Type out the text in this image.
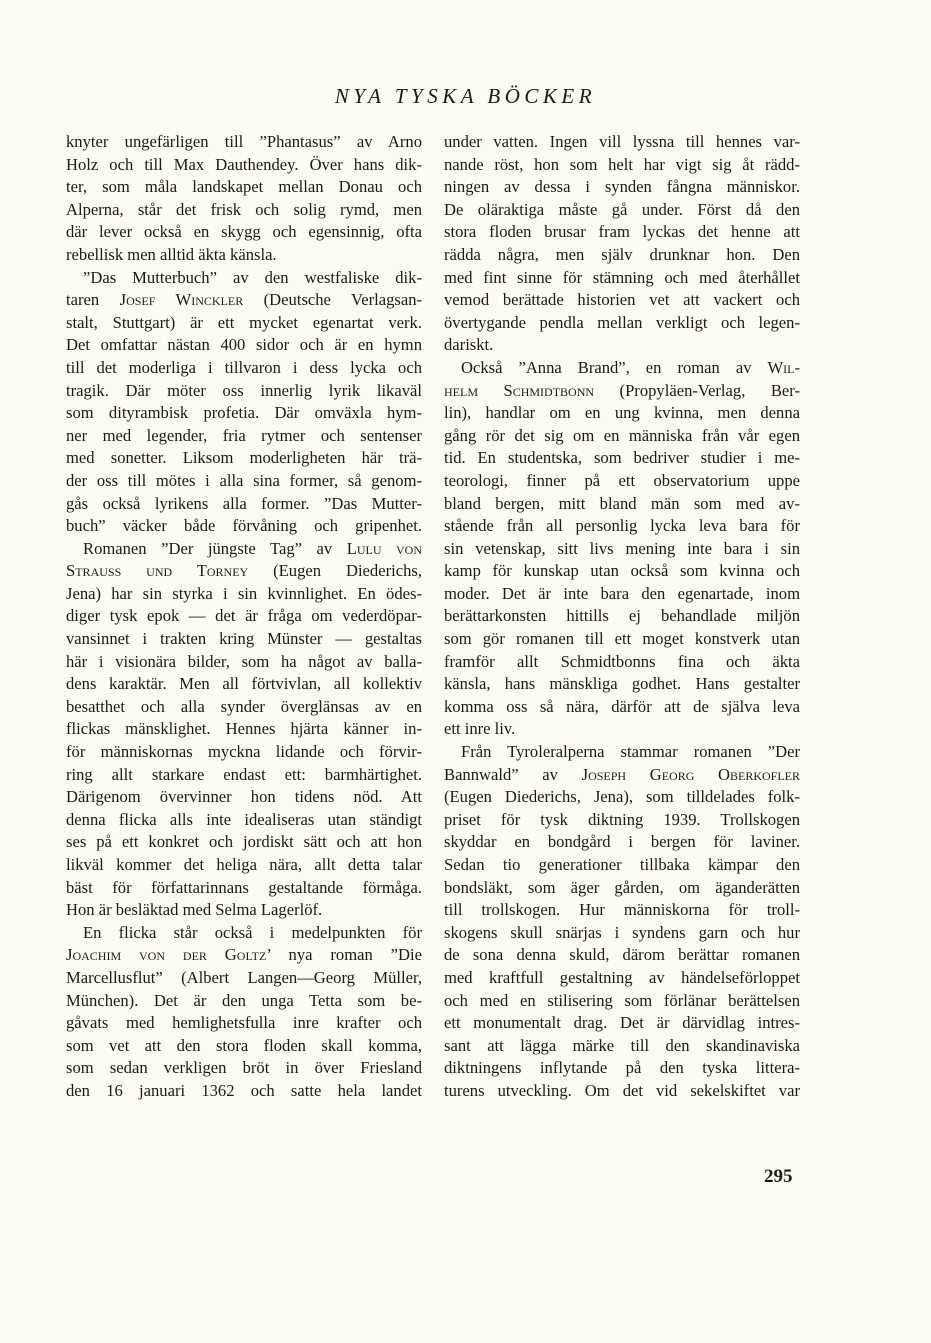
NYA TYSKA BÖCKER
knyter ungefärligen till ”Phantasus” av Arno
Holz och till Max Dauthendey. Över hans dik-
ter, som måla landskapet mellan Donau och
Alperna, står det frisk och solig rymd, men
där lever också en skygg och egensinnig, ofta
rebellisk men alltid äkta känsla.
”Das Mutterbuch” av den westfaliske dik-
taren Josef Winckler (Deutsche Verlagsan-
stalt, Stuttgart) är ett mycket egenartat verk.
Det omfattar nästan 400 sidor och är en hymn
till det moderliga i tillvaron i dess lycka och
tragik. Där möter oss innerlig lyrik likaväl
som dityrambisk profetia. Där omväxla hym-
ner med legender, fria rytmer och sentenser
med sonetter. Liksom moderligheten här trä-
der oss till mötes i alla sina former, så genom-
gås också lyrikens alla former. ”Das Mutter-
buch” väcker både förvåning och gripenhet.
Romanen ”Der jüngste Tag” av Lulu von
Strauss und Torney (Eugen Diederichs,
Jena) har sin styrka i sin kvinnlighet. En ödes-
diger tysk epok — det är fråga om vederdöpar-
vansinnet i trakten kring Münster — gestaltas
här i visionära bilder, som ha något av balla-
dens karaktär. Men all förtvivlan, all kollektiv
besatthet och alla synder överglänsas av en
flickas mänsklighet. Hennes hjärta känner in-
för människornas myckna lidande och förvir-
ring allt starkare endast ett: barmhärtighet.
Därigenom övervinner hon tidens nöd. Att
denna flicka alls inte idealiseras utan ständigt
ses på ett konkret och jordiskt sätt och att hon
likväl kommer det heliga nära, allt detta talar
bäst för författarinnans gestaltande förmåga.
Hon är besläktad med Selma Lagerlöf.
En flicka står också i medelpunkten för
Joachim von der Goltz’ nya roman ”Die
Marcellusflut” (Albert Langen—Georg Müller,
München). Det är den unga Tetta som be-
gåvats med hemlighetsfulla inre krafter och
som vet att den stora floden skall komma,
som sedan verkligen bröt in över Friesland
den 16 januari 1362 och satte hela landet
under vatten. Ingen vill lyssna till hennes var-
nande röst, hon som helt har vigt sig åt rädd-
ningen av dessa i synden fångna människor.
De oläraktiga måste gå under. Först då den
stora floden brusar fram lyckas det henne att
rädda några, men själv drunknar hon. Den
med fint sinne för stämning och med återhållet
vemod berättade historien vet att vackert och
övertygande pendla mellan verkligt och legen-
dariskt.
Också ”Anna Brand”, en roman av Wil-
helm Schmidtbonn (Propyläen-Verlag, Ber-
lin), handlar om en ung kvinna, men denna
gång rör det sig om en människa från vår egen
tid. En studentska, som bedriver studier i me-
teorologi, finner på ett observatorium uppe
bland bergen, mitt bland män som med av-
stående från all personlig lycka leva bara för
sin vetenskap, sitt livs mening inte bara i sin
kamp för kunskap utan också som kvinna och
moder. Det är inte bara den egenartade, inom
berättarkonsten hittills ej behandlade miljön
som gör romanen till ett moget konstverk utan
framför allt Schmidtbonns fina och äkta
känsla, hans mänskliga godhet. Hans gestalter
komma oss så nära, därför att de själva leva
ett inre liv.
Från Tyroleralperna stammar romanen ”Der
Bannwald” av Joseph Georg Oberkofler
(Eugen Diederichs, Jena), som tilldelades folk-
priset för tysk diktning 1939. Trollskogen
skyddar en bondgård i bergen för laviner.
Sedan tio generationer tillbaka kämpar den
bondsläkt, som äger gården, om äganderätten
till trollskogen. Hur människorna för troll-
skogens skull snärjas i syndens garn och hur
de sona denna skuld, därom berättar romanen
med kraftfull gestaltning av händelseförloppet
och med en stilisering som förlänar berättelsen
ett monumentalt drag. Det är därvidlag intres-
sant att lägga märke till den skandinaviska
diktningens inflytande på den tyska littera-
turens utveckling. Om det vid sekelskiftet var
295
